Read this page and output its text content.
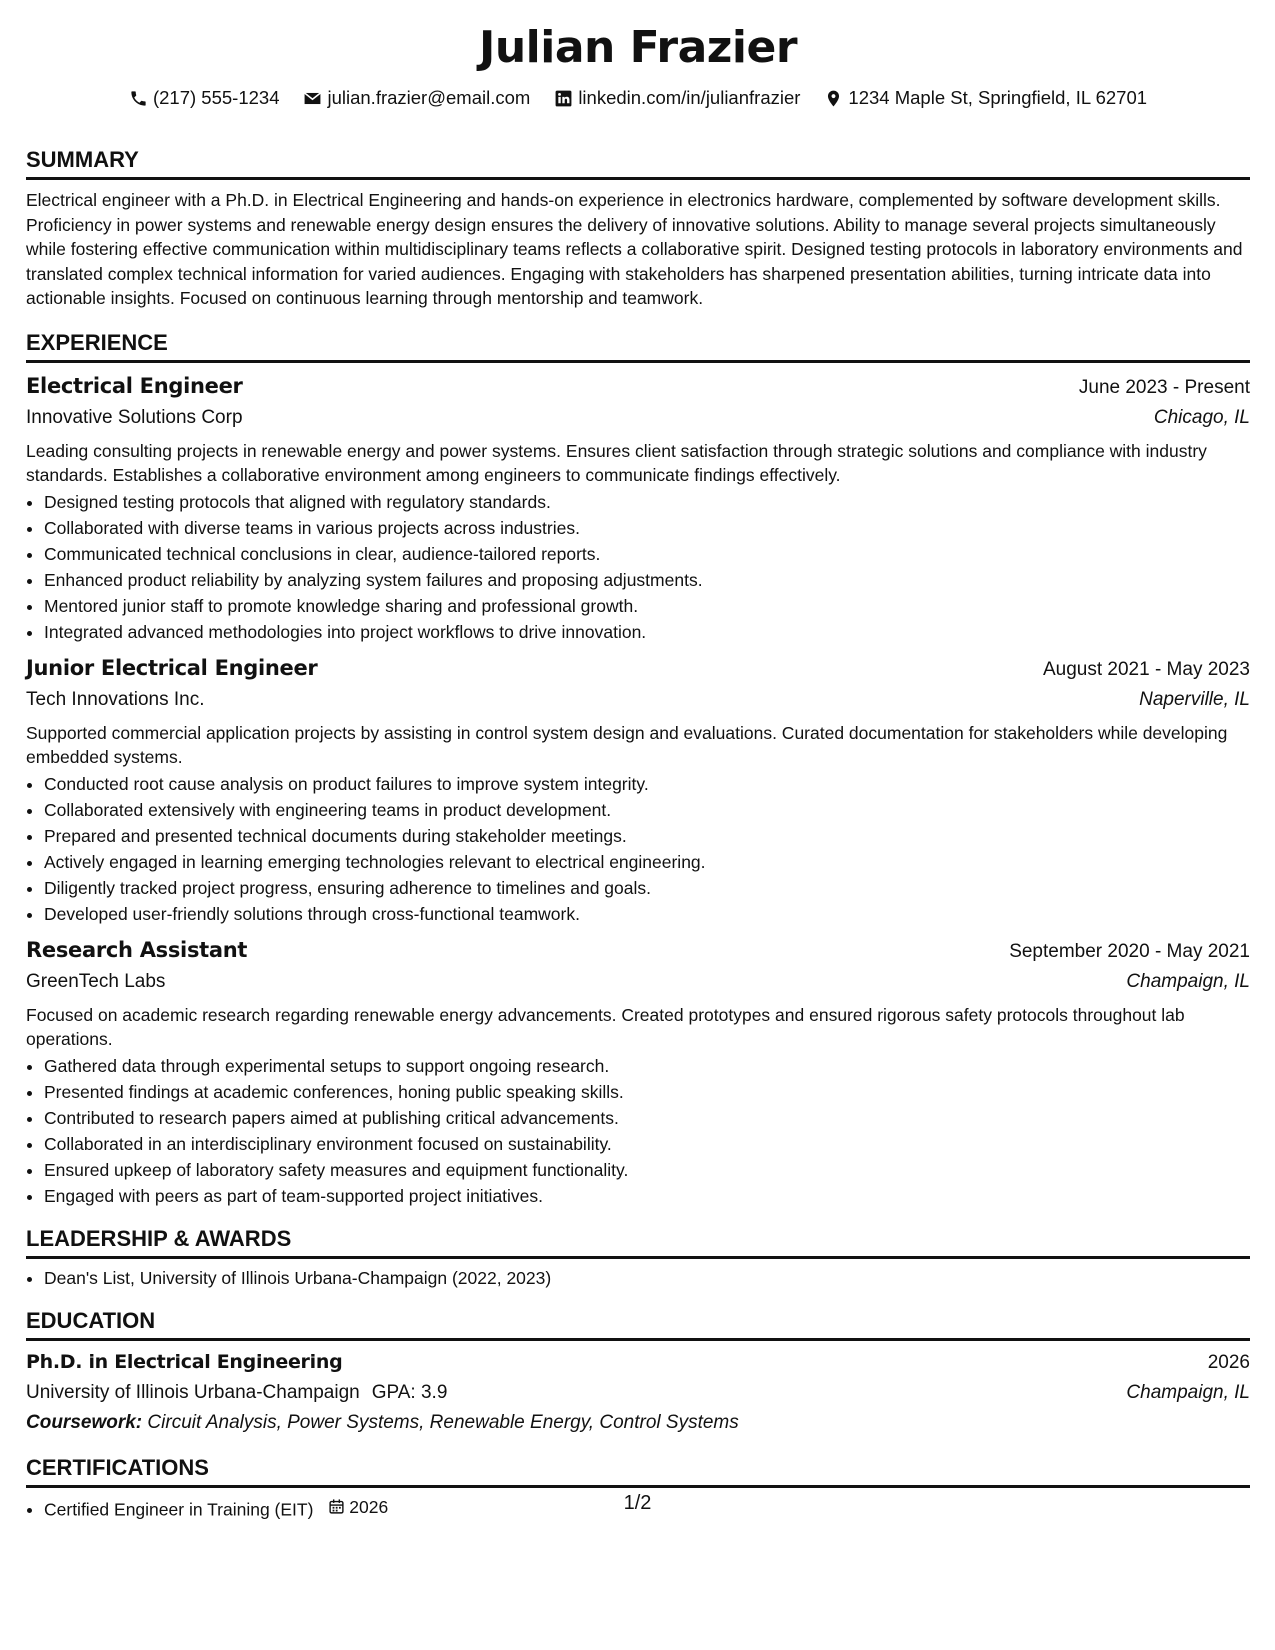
Julian Frazier
(217) 555-1234	julian.frazier@email.com	linkedin.com/in/julianfrazier	1234 Maple St, Springfield, IL 62701
SUMMARY
Electrical engineer with a Ph.D. in Electrical Engineering and hands-on experience in electronics hardware, complemented by software development skills. Proficiency in power systems and renewable energy design ensures the delivery of innovative solutions. Ability to manage several projects simultaneously while fostering effective communication within multidisciplinary teams reflects a collaborative spirit. Designed testing protocols in laboratory environments and translated complex technical information for varied audiences. Engaging with stakeholders has sharpened presentation abilities, turning intricate data into actionable insights. Focused on continuous learning through mentorship and teamwork.
EXPERIENCE
Electrical Engineer	June 2023 - Present
Innovative Solutions Corp	Chicago, IL
Leading consulting projects in renewable energy and power systems. Ensures client satisfaction through strategic solutions and compliance with industry standards. Establishes a collaborative environment among engineers to communicate findings effectively.
• Designed testing protocols that aligned with regulatory standards.
• Collaborated with diverse teams in various projects across industries.
• Communicated technical conclusions in clear, audience-tailored reports.
• Enhanced product reliability by analyzing system failures and proposing adjustments.
• Mentored junior staff to promote knowledge sharing and professional growth.
• Integrated advanced methodologies into project workflows to drive innovation.
Junior Electrical Engineer	August 2021 - May 2023
Tech Innovations Inc.	Naperville, IL
Supported commercial application projects by assisting in control system design and evaluations. Curated documentation for stakeholders while developing embedded systems.
• Conducted root cause analysis on product failures to improve system integrity.
• Collaborated extensively with engineering teams in product development.
• Prepared and presented technical documents during stakeholder meetings.
• Actively engaged in learning emerging technologies relevant to electrical engineering.
• Diligently tracked project progress, ensuring adherence to timelines and goals.
• Developed user-friendly solutions through cross-functional teamwork.
Research Assistant	September 2020 - May 2021
GreenTech Labs	Champaign, IL
Focused on academic research regarding renewable energy advancements. Created prototypes and ensured rigorous safety protocols throughout lab operations.
• Gathered data through experimental setups to support ongoing research.
• Presented findings at academic conferences, honing public speaking skills.
• Contributed to research papers aimed at publishing critical advancements.
• Collaborated in an interdisciplinary environment focused on sustainability.
• Ensured upkeep of laboratory safety measures and equipment functionality.
• Engaged with peers as part of team-supported project initiatives.
LEADERSHIP & AWARDS
• Dean's List, University of Illinois Urbana-Champaign (2022, 2023)
EDUCATION
Ph.D. in Electrical Engineering	2026
University of Illinois Urbana-Champaign GPA: 3.9	Champaign, IL
Coursework: Circuit Analysis, Power Systems, Renewable Energy, Control Systems
CERTIFICATIONS
• Certified Engineer in Training (EIT) 2026	1/2
